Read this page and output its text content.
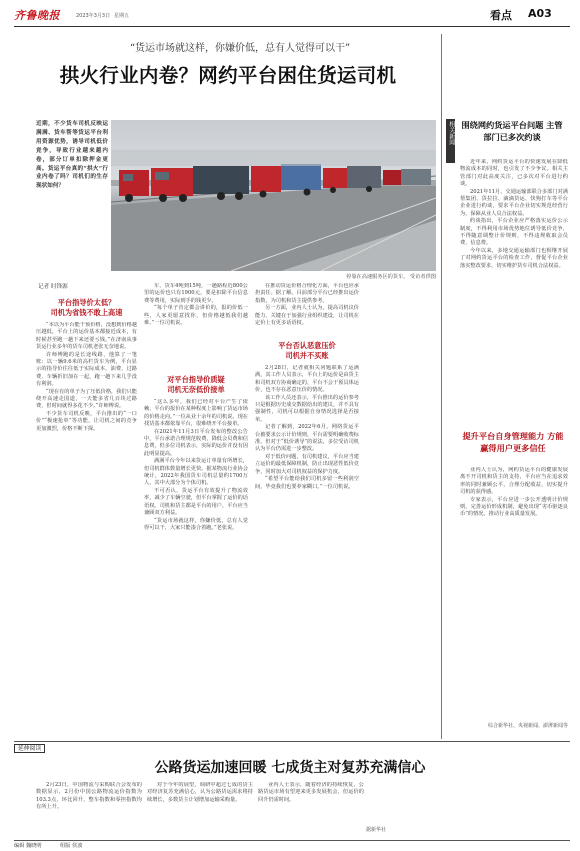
齐鲁晚报	2023年3月3日 星期五	看点 A03
“货运市场就这样，你嫌价低，总有人觉得可以干”
拱火行业内卷？网约平台困住货运司机
近期，不少货车司机反映运满满、货车帮等货运平台利用资源优势，诱导司机低价竞争，导致行业越来越内卷，部分订单扣除押金更高。货运平台真的“拱火”行业内卷了吗？司机们的生存现状如何？
停靠在高速服务区的货车。 受访者供图
记者 时锋源
平台指导价太低？
司机为省钱不敢上高速

“本以为平台能干预价格，没想到价格越压越低，平台上的运价基本都接近成本，有时候甚至跑一趟下来还要亏钱。”在济南从事货运行业多年的货车司机老张无奈地说。

许师傅跑的是长途线路，他算了一笔账：以一辆9.6米的高栏货车为例，平台显示的指导价往往低于实际成本，油费、过路费、车辆折旧加在一起，跑一趟下来几乎没有利润。

“现在有的单子为了压低价格，我们只能绕开高速走国道，一天能多省几百块过路费，但时间就得多花不少。”许师傅说。

不少货车司机反映，平台推出的“一口价”“极速抢单”等功能，让司机之间的竞争更加激烈，价格不断下探。

车，货车4吨到15吨，一趟路程近800公里的运价也只有1900元，要是扣除平台信息费等费用，实际到手的钱更少。

“每个单子肯定都会讲价的，报的价低一些，人家更愿意找你，但价格越低我们越难。”一位司机说。

对平台指导价质疑
司机无奈低价接单

“这么多年，我们已经对平台产生了依赖，平台的报价在某种程度上影响了货运市场的价格走向。”一位从业十余年的司机说，现在找货基本都依靠平台，很难绕开平台接单。

在2021年11月3日平台发布的整改公告中，平台承诺合理规范收费，降低会员费和信息费，但多位司机表示，实际的运价并没有因此明显提高。

满满平台今年以来货运订单量有所增长，但司机群体数量增长更快。据某物流行业协会统计，2022年我国货车司机总量约1700万人，其中大部分为个体司机。

不可否认，货运平台有效提升了物流效率，减少了车辆空驶，但平台掌握了运价的话语权。司机和货主都是平台的用户，平台应当兼顾双方利益。

“货运市场就这样，你嫌价低，总有人觉得可以干，大家只能凑合着跑。”老张说。

在推动货运价格合理化方面，平台也应承担责任。据了解，目前部分平台已经推出运价指数，为司机和货主提供参考。

另一方面，业内人士认为，提高司机议价能力，关键在于加强行业组织建设，让司机在定价上有更多话语权。

平台否认恶意压价
司机并不买账

2月28日，记者就相关问题联系了运满满，其工作人员表示，平台上的运价是由货主和司机双方协商确定的，平台不会干预具体运价，也不存在恶意压价的情况。

该工作人员还表示，平台推出的运价参考只是根据历史成交数据给出的建议，并不具有强制性，司机可以根据自身情况选择是否接单。

记者了解到，2022年6月，网络货运平台被要求公示计价规则，平台需要明确收费标准。但对于“低价诱导”的说法，多位受访司机认为平台仍需进一步整改。

对于低价问题，有司机建议，平台应当建立运价的最低保障机制，防止出现恶性低价竞争，同时加大对司机权益的保护力度。

“希望平台能给我们司机多留一些利润空间，毕竟我们也要养家糊口。”一位司机说。

相关新闻 围绕网约货运平台问题 主管部门已多次约谈

近年来，网约货运平台的快速发展在降低物流成本的同时，也引发了不少争议。相关主管部门对此高度关注，已多次对平台进行约谈。

2021年11月，交通运输部联合多部门对满帮集团、货拉拉、滴滴货运、快狗打车等平台企业进行约谈，要求平台企业切实规范经营行为，保障从业人员合法权益。

约谈指出，平台企业应严格落实运价公示制度，不得利用市场优势地位诱导低价竞争，不得随意调整计价规则，不得违规收取会员费、信息费。

今年以来，多地交通运输部门也相继开展了对网约货运平台的检查工作，督促平台企业落实整改要求，切实维护货车司机合法权益。

提升平台自身管理能力 方能赢得用户更多信任

业内人士认为，网约货运平台的健康发展离不开司机和货主的支持，平台应当在追求效率的同时兼顾公平，合理分配收益，切实提升司机的获得感。

专家表示，平台应进一步公开透明计价规则，完善运价形成机制，避免出现“劣币驱逐良币”的情况，推动行业高质量发展。

综合新华社、央视新闻、澎湃新闻等
延伸阅读
公路货运加速回暖 七成货主对复苏充满信心
2月23日，中国物流与采购联合会发布的数据显示，2月份中国公路物流运价指数为103.3点，环比回升，整车指数和零担指数均有所上升。
对于今年的展望，调研中超过七成的货主对经济复苏充满信心，认为公路货运需求将持续增长，多数货主计划增加运输采购量。
业内人士表示，随着经济的持续恢复，公路货运市场有望迎来更多发展机会，但运价的回升仍需时间。
据新华社
编辑 魏晓明	组版 侯波
